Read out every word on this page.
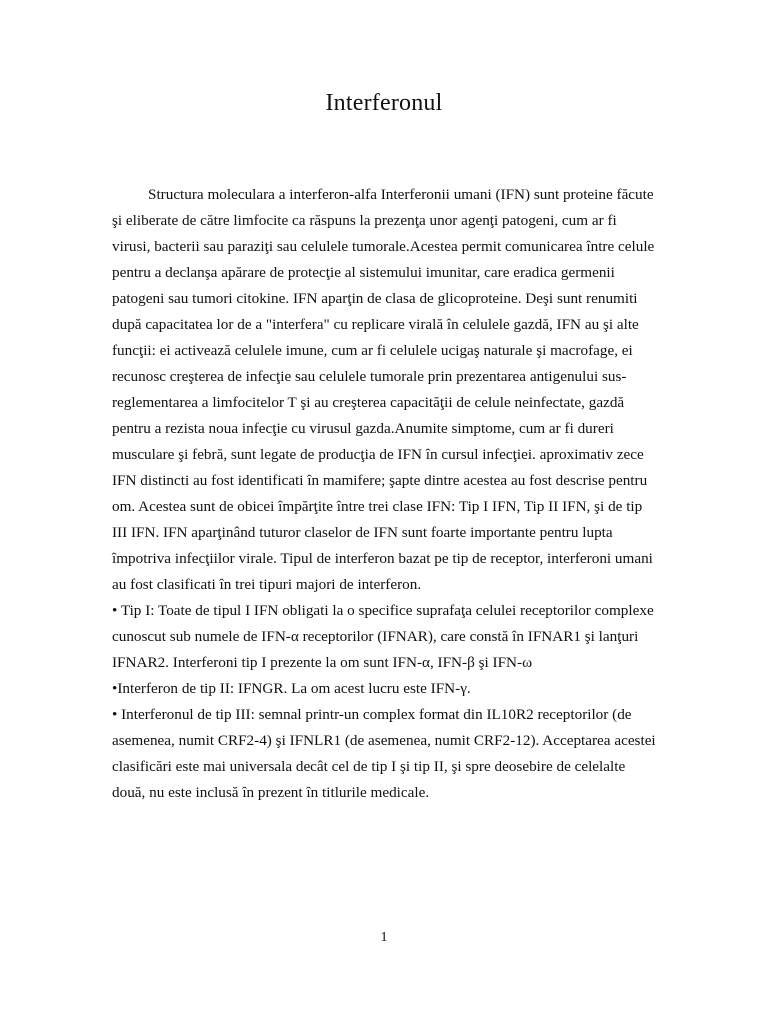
Interferonul

Structura moleculara a interferon-alfa Interferonii umani (IFN) sunt proteine făcute şi eliberate de către limfocite ca răspuns la prezenţa unor agenţi patogeni, cum ar fi virusi, bacterii sau paraziţi sau celulele tumorale.Acestea permit comunicarea între celule pentru a declanşa apărare de protecţie al sistemului imunitar, care eradica germenii patogeni sau tumori citokine. IFN aparţin de clasa de glicoproteine. Deşi sunt renumiti după capacitatea lor de a "interfera" cu replicare virală în celulele gazdă, IFN au şi alte funcţii: ei activează celulele imune, cum ar fi celulele ucigaş naturale şi macrofage, ei recunosc creşterea de infecţie sau celulele tumorale prin prezentarea antigenului sus-reglementarea a limfocitelor T şi au creşterea capacităţii de celule neinfectate, gazdă pentru a rezista noua infecţie cu virusul gazda.Anumite simptome, cum ar fi dureri musculare şi febră, sunt legate de producţia de IFN în cursul infecţiei. aproximativ zece IFN distincti au fost identificati în mamifere; şapte dintre acestea au fost descrise pentru om. Acestea sunt de obicei împărţite între trei clase IFN: Tip I IFN, Tip II IFN, şi de tip III IFN. IFN aparţinând tuturor claselor de IFN sunt foarte importante pentru lupta împotriva infecţiilor virale. Tipul de interferon bazat pe tip de receptor, interferoni umani au fost clasificati în trei tipuri majori de interferon.

• Tip I: Toate de tipul I IFN obligati la o specifice suprafaţa celulei receptorilor complexe cunoscut sub numele de IFN-α receptorilor (IFNAR), care constă în IFNAR1 şi lanţuri IFNAR2. Interferoni tip I prezente la om sunt IFN-α, IFN-β şi IFN-ω

•Interferon de tip II: IFNGR. La om acest lucru este IFN-γ.

• Interferonul de tip III: semnal printr-un complex format din IL10R2 receptorilor (de asemenea, numit CRF2-4) şi IFNLR1 (de asemenea, numit CRF2-12). Acceptarea acestei clasificări este mai universala decât cel de tip I şi tip II, şi spre deosebire de celelalte două, nu este inclusă în prezent în titlurile medicale.

1
